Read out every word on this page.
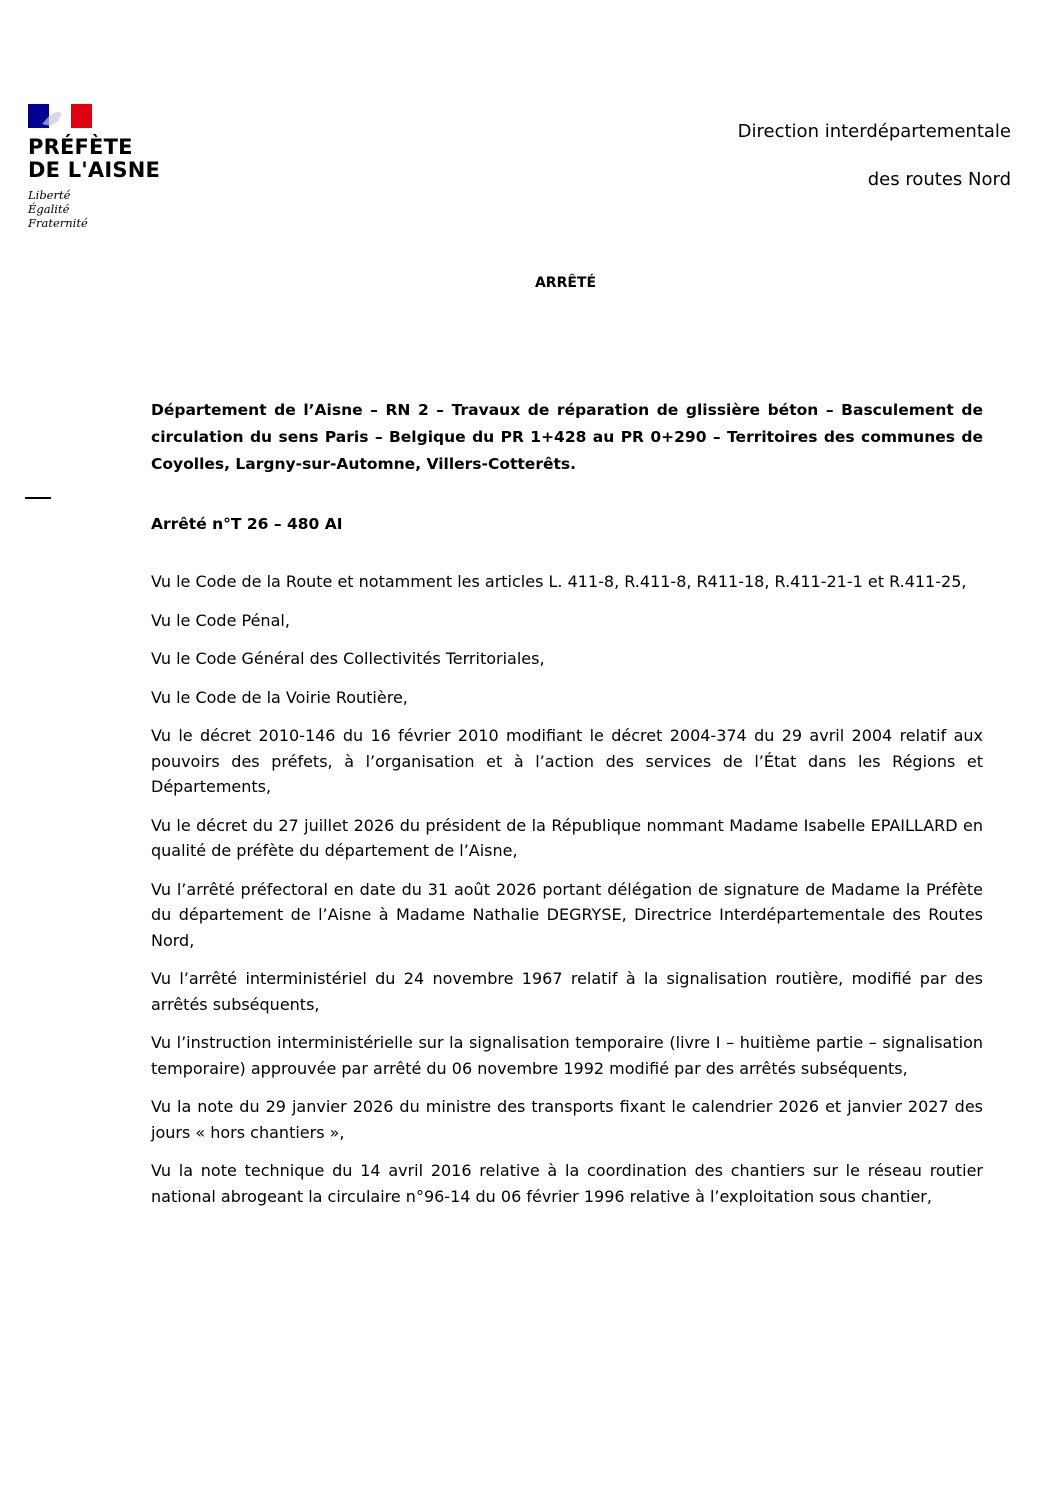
PRÉFÈTE
DE L'AISNE
Liberté
Égalité
Fraternité
Direction interdépartementale
des routes Nord
ARRÊTÉ

Département de l’Aisne – RN 2 – Travaux de réparation de glissière béton – Basculement de circulation du sens Paris – Belgique du PR 1+428 au PR 0+290 – Territoires des communes de Coyolles, Largny-sur-Automne, Villers-Cotterêts.

Arrêté n°T 26 – 480 AI

Vu le Code de la Route et notamment les articles L. 411-8, R.411-8, R411-18, R.411-21-1 et R.411-25,

Vu le Code Pénal,

Vu le Code Général des Collectivités Territoriales,

Vu le Code de la Voirie Routière,

Vu le décret 2010-146 du 16 février 2010 modifiant le décret 2004-374 du 29 avril 2004 relatif aux pouvoirs des préfets, à l’organisation et à l’action des services de l’État dans les Régions et Départements,

Vu le décret du 27 juillet 2026 du président de la République nommant Madame Isabelle EPAILLARD en qualité de préfète du département de l’Aisne,

Vu l’arrêté préfectoral en date du 31 août 2026 portant délégation de signature de Madame la Préfète du département de l’Aisne à Madame Nathalie DEGRYSE, Directrice Interdépartementale des Routes Nord,

Vu l’arrêté interministériel du 24 novembre 1967 relatif à la signalisation routière, modifié par des arrêtés subséquents,

Vu l’instruction interministérielle sur la signalisation temporaire (livre I – huitième partie – signalisation temporaire) approuvée par arrêté du 06 novembre 1992 modifié par des arrêtés subséquents,

Vu la note du 29 janvier 2026 du ministre des transports fixant le calendrier 2026 et janvier 2027 des jours « hors chantiers »,

Vu la note technique du 14 avril 2016 relative à la coordination des chantiers sur le réseau routier national abrogeant la circulaire n°96-14 du 06 février 1996 relative à l’exploitation sous chantier,
